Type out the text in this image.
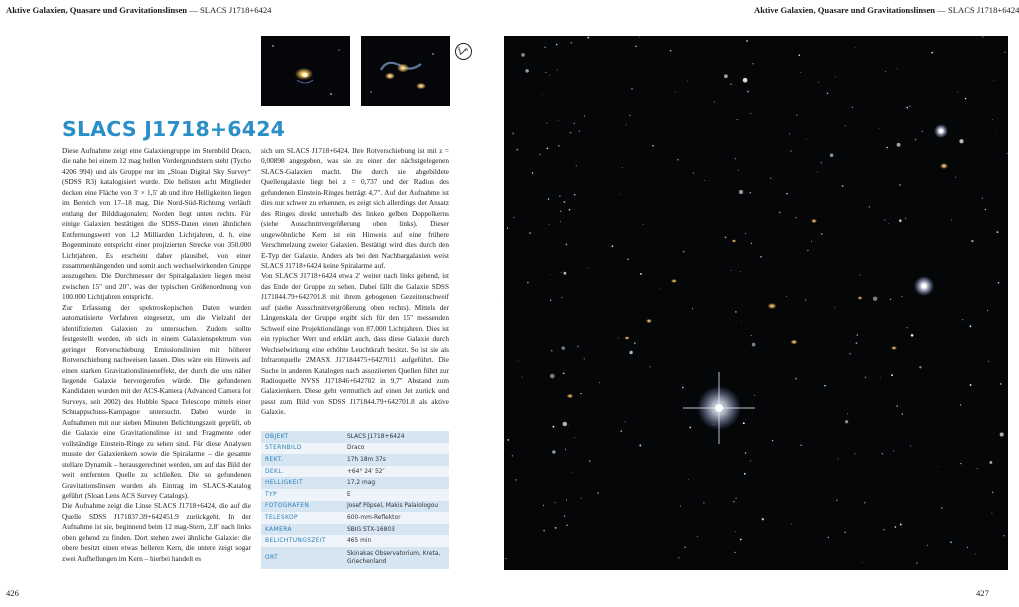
Aktive Galaxien, Quasare und Gravitationslinsen — SLACS J1718+6424	Aktive Galaxien, Quasare und Gravitationslinsen — SLACS J1718+6424
N
E
SLACS J1718+6424

Diese Aufnahme zeigt eine Galaxiengruppe im Sternbild Draco, die nahe bei einem 12 mag hellen Vordergrundstern steht (Tycho 4206 994) und als Gruppe nur im „Sloan Digital Sky Survey“ (SDSS R3) katalogisiert wurde. Die hellsten acht Mitglieder decken eine Fläche von 3′ × 1,5′ ab und ihre Helligkeiten liegen im Bereich von 17–18 mag. Die Nord-Süd-Richtung verläuft entlang der Bilddiagonalen; Norden liegt unten rechts. Für einige Galaxien bestätigen die SDSS-Daten einen ähnlichen Entfernungswert von 1,2 Milliarden Lichtjahren, d. h. eine Bogenminute entspricht einer projizierten Strecke von 350.000 Lichtjahren. Es erscheint daher plausibel, von einer zusammenhängenden und somit auch wechselwirkenden Gruppe auszugehen. Die Durchmesser der Spiralgalaxien liegen meist zwischen 15″ und 20″, was der typischen Größenordnung von 100.000 Lichtjahren entspricht.

Zur Erfassung der spektroskopischen Daten wurden automatisierte Verfahren eingesetzt, um die Vielzahl der identifizierten Galaxien zu untersuchen. Zudem sollte festgestellt werden, ob sich in einem Galaxienspektrum von geringer Rotverschiebung Emissionslinien mit höherer Rotverschiebung nachweisen lassen. Dies wäre ein Hinweis auf einen starken Gravitationslinseneffekt, der durch die uns näher liegende Galaxie hervorgerufen würde. Die gefundenen Kandidaten wurden mit der ACS-Kamera (Advanced Camera for Surveys, seit 2002) des Hubble Space Telescope mittels einer Schnappschuss-Kampagne untersucht. Dabei wurde in Aufnahmen mit nur sieben Minuten Belichtungszeit geprüft, ob die Galaxie eine Gravitationslinse ist und Fragmente oder vollständige Einstein-Ringe zu sehen sind. Für diese Analysen musste der Galaxienkern sowie die Spiralarme – die gesamte stellare Dynamik – herausgerechnet werden, um auf das Bild der weit entfernten Quelle zu schließen. Die so gefundenen Gravitationslinsen wurden als Eintrag im SLACS-Katalog geführt (Sloan Lens ACS Survey Catalogs).

Die Aufnahme zeigt die Linse SLACS J1718+6424, die auf die Quelle SDSS J171837.39+642451.9 zurückgeht. In der Aufnahme ist sie, beginnend beim 12 mag-Stern, 2,8′ nach links oben gehend zu finden. Dort stehen zwei ähnliche Galaxie: die obere besitzt einen etwas helleren Kern, die untere zeigt sogar zwei Aufhellungen im Kern – hierbei handelt es

sich um SLACS J1718+6424. Ihre Rotverschiebung ist mit z = 0,00898 angegeben, was sie zu einer der nächstgelegenen SLACS-Galaxien macht. Die durch sie abgebildete Quellengalaxie liegt bei z = 0,737 und der Radius des gefundenen Einstein-Ringes beträgt 4,7″. Auf der Aufnahme ist dies nur schwer zu erkennen, es zeigt sich allerdings der Ansatz des Ringes direkt unterhalb des linken gelben Doppelkerns (siehe Ausschnittvergrößerung oben links). Dieser ungewöhnliche Kern ist ein Hinweis auf eine frühere Verschmelzung zweier Galaxien. Bestätigt wird dies durch den E-Typ der Galaxie. Anders als bei den Nachbargalaxien weist SLACS J1718+6424 keine Spiralarme auf.

Von SLACS J1718+6424 etwa 2′ weiter nach links gehend, ist das Ende der Gruppe zu sehen. Dabei fällt die Galaxie SDSS J171844.79+642701.8 mit ihrem gebogenen Gezeitenschweif auf (siehe Ausschnittvergrößerung oben rechts). Mittels der Längenskala der Gruppe ergibt sich für den 15″ messenden Schweif eine Projektionslänge von 87.000 Lichtjahren. Dies ist ein typischer Wert und erklärt auch, dass diese Galaxie durch Wechselwirkung eine erhöhte Leuchtkraft besitzt. So ist sie als Infrarotquelle 2MASX J17184475+6427011 aufgeführt. Die Suche in anderen Katalogen nach assoziierten Quellen führt zur Radioquelle NVSS J171846+642702 in 9,7″ Abstand zum Galaxienkern. Diese geht vermutlich auf einen Jet zurück und passt zum Bild von SDSS J171844.79+642701.8 als aktive Galaxie.

OBJEKT	SLACS J1718+6424
STERNBILD	Draco
REKT.	17h 18m 37s
DEKL.	+64° 24′ 52″
HELLIGKEIT	17,2 mag
TYP	E
FOTOGRAFEN	Josef Pöpsel, Makis Palaiologou
TELESKOP	600-mm-Reflektor
KAMERA	SBIG STX-16803
BELICHTUNGSZEIT	465 min
ORT	Skinakas Observatorium, Kreta, Griechenland
426	427
